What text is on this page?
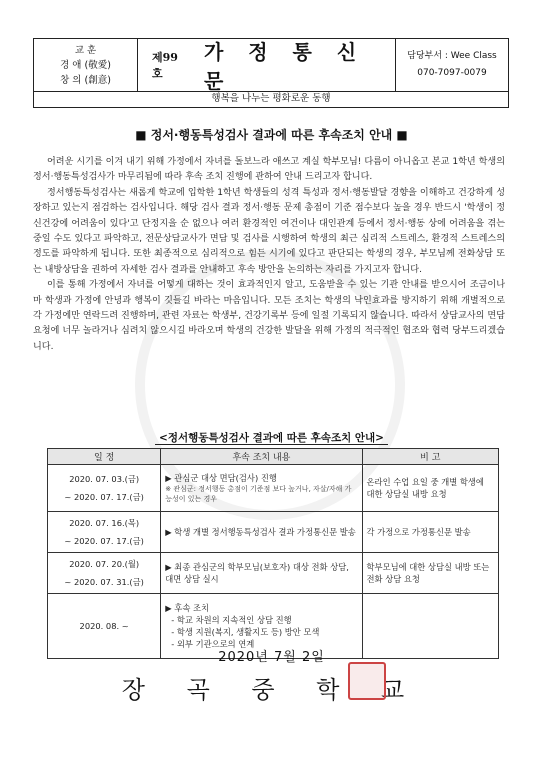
교 훈
경 애 (敬愛)
창 의 (創意)
제99호
가 정 통 신 문
담당부서 : Wee Class
070-7097-0079
행복을 나누는 평화로운 동행
■ 정서·행동특성검사 결과에 따른 후속조치 안내 ■

어려운 시기를 이겨 내기 위해 가정에서 자녀를 돌보느라 애쓰고 계실 학부모님! 다름이 아니옵고 본교 1학년 학생의 정서·행동특성검사가 마무리됨에 따라 후속 조치 진행에 관하여 안내 드리고자 합니다.

정서행동특성검사는 새롭게 학교에 입학한 1학년 학생들의 성격 특성과 정서·행동발달 경향을 이해하고 건강하게 성장하고 있는지 점검하는 검사입니다. 해당 검사 결과 정서·행동 문제 총점이 기준 점수보다 높을 경우 반드시 '학생이 정신건강에 어려움이 있다'고 단정지을 순 없으나 여러 환경적인 여건이나 대인관계 등에서 정서·행동 상에 어려움을 겪는 중일 수도 있다고 파악하고, 전문상담교사가 면담 및 검사를 시행하여 학생의 최근 심리적 스트레스, 환경적 스트레스의 정도를 파악하게 됩니다. 또한 최종적으로 심리적으로 힘든 시기에 있다고 판단되는 학생의 경우, 부모님께 전화상담 또는 내방상담을 권하여 자세한 검사 결과를 안내하고 후속 방안을 논의하는 자리를 가지고자 합니다.

이를 통해 가정에서 자녀를 어떻게 대하는 것이 효과적인지 알고, 도움받을 수 있는 기관 안내를 받으시어 조금이나마 학생과 가정에 안녕과 행복이 깃들길 바라는 마음입니다. 모든 조치는 학생의 낙인효과를 방지하기 위해 개별적으로 각 가정에만 연락드려 진행하며, 관련 자료는 학생부, 건강기록부 등에 일절 기록되지 않습니다. 따라서 상담교사의 면담 요청에 너무 놀라거나 심려치 않으시길 바라오며 학생의 건강한 발달을 위해 가정의 적극적인 협조와 협력 당부드리겠습니다.

<정서행동특성검사 결과에 따른 후속조치 안내>
일 정	후속 조치 내용	비 고
2020. 07. 03.(금)
~ 2020. 07. 17.(금)	▶ 관심군 대상 면담(검사) 진행
※ 관심군: 정서행동 총점이 기준점 보다 높거나, 자살/자해 가능성이 있는 경우	온라인 수업 요일 중 개별 학생에 대한 상담실 내방 요청
2020. 07. 16.(목)
~ 2020. 07. 17.(금)	▶ 학생 개별 정서행동특성검사 결과 가정통신문 발송	각 가정으로 가정통신문 발송
2020. 07. 20.(월)
~ 2020. 07. 31.(금)	▶ 최종 관심군의 학부모님(보호자) 대상 전화 상담, 대면 상담 실시	학부모님에 대한 상담실 내방 또는 전화 상담 요청
2020. 08. ~	▶ 후속 조치
- 학교 차원의 지속적인 상담 진행
- 학생 지원(복지, 생활지도 등) 방안 모색
- 외부 기관으로의 연계	

2020년 7월 2일
장 곡 중 학 교
